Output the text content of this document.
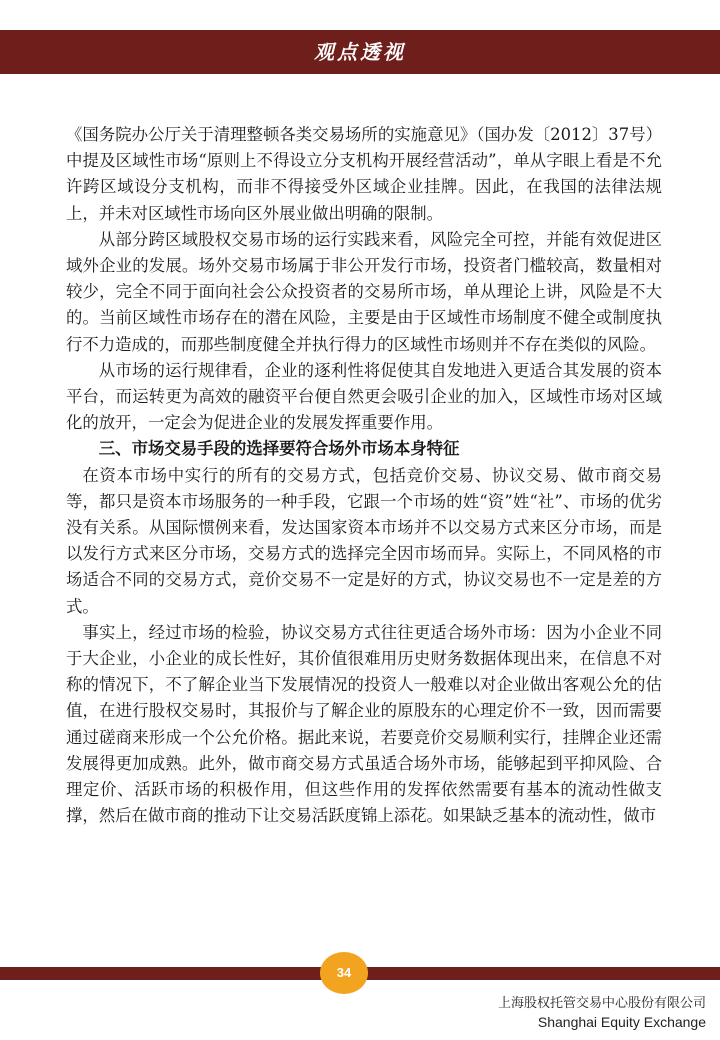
观点透视

《国务院办公厅关于清理整顿各类交易场所的实施意见》（国办发〔2012〕37号）中提及区域性市场“原则上不得设立分支机构开展经营活动”，单从字眼上看是不允许跨区域设分支机构，而非不得接受外区域企业挂牌。因此，在我国的法律法规上，并未对区域性市场向区外展业做出明确的限制。

从部分跨区域股权交易市场的运行实践来看，风险完全可控，并能有效促进区域外企业的发展。场外交易市场属于非公开发行市场，投资者门槛较高，数量相对较少，完全不同于面向社会公众投资者的交易所市场，单从理论上讲，风险是不大的。当前区域性市场存在的潜在风险，主要是由于区域性市场制度不健全或制度执行不力造成的，而那些制度健全并执行得力的区域性市场则并不存在类似的风险。

从市场的运行规律看，企业的逐利性将促使其自发地进入更适合其发展的资本平台，而运转更为高效的融资平台便自然更会吸引企业的加入，区域性市场对区域化的放开，一定会为促进企业的发展发挥重要作用。

三、市场交易手段的选择要符合场外市场本身特征

在资本市场中实行的所有的交易方式，包括竞价交易、协议交易、做市商交易等，都只是资本市场服务的一种手段，它跟一个市场的姓“资”姓“社”、市场的优劣没有关系。从国际惯例来看，发达国家资本市场并不以交易方式来区分市场，而是以发行方式来区分市场，交易方式的选择完全因市场而异。实际上，不同风格的市场适合不同的交易方式，竞价交易不一定是好的方式，协议交易也不一定是差的方式。

事实上，经过市场的检验，协议交易方式往往更适合场外市场：因为小企业不同于大企业，小企业的成长性好，其价值很难用历史财务数据体现出来，在信息不对称的情况下，不了解企业当下发展情况的投资人一般难以对企业做出客观公允的估值，在进行股权交易时，其报价与了解企业的原股东的心理定价不一致，因而需要通过磋商来形成一个公允价格。据此来说，若要竞价交易顺利实行，挂牌企业还需发展得更加成熟。此外，做市商交易方式虽适合场外市场，能够起到平抑风险、合理定价、活跃市场的积极作用，但这些作用的发挥依然需要有基本的流动性做支撑，然后在做市商的推动下让交易活跃度锦上添花。如果缺乏基本的流动性，做市

34
上海股权托管交易中心股份有限公司
Shanghai Equity Exchange
